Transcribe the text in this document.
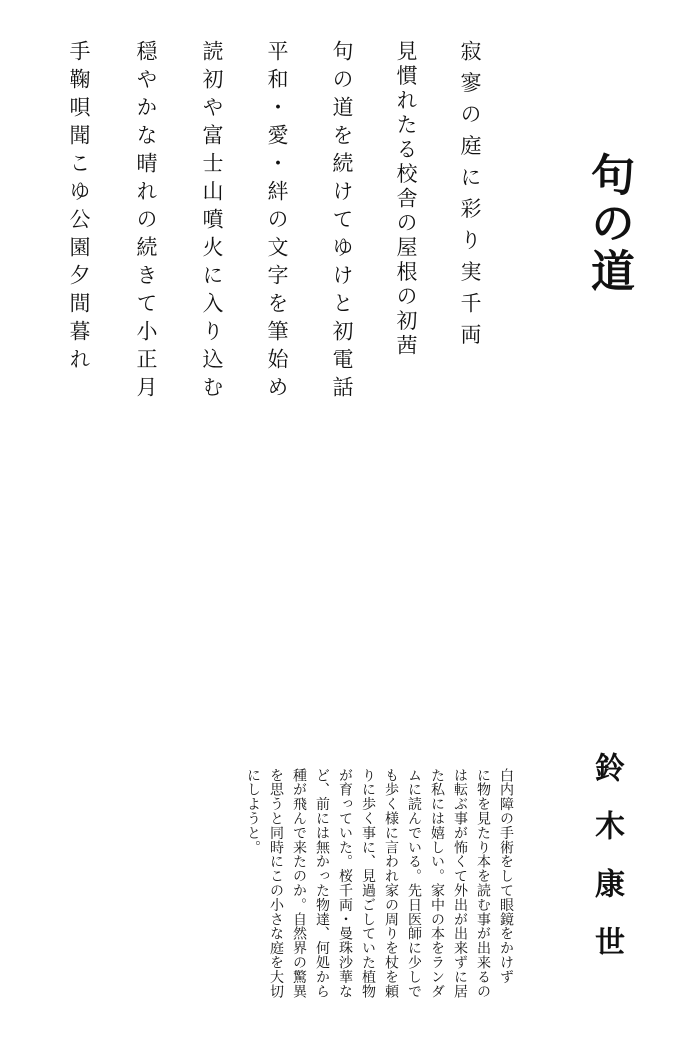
句の道
寂寥の庭に彩り実千両
見慣れたる校舎の屋根の初茜
句の道を続けてゆけと初電話
平和・愛・絆の文字を筆始め
読初や富士山噴火に入り込む
穏やかな晴れの続きて小正月
手鞠唄聞こゆ公園夕間暮れ
鈴木康世
白内障の手術をして眼鏡をかけず
に物を見たり本を読む事が出来るの
は転ぶ事が怖くて外出が出来ずに居
た私には嬉しい。家中の本をランダ
ムに読んでいる。先日医師に少しで
も歩く様に言われ家の周りを杖を頼
りに歩く事に、見過ごしていた植物
が育っていた。桜千両・曼珠沙華な
ど、前には無かった物達、何処から
種が飛んで来たのか。自然界の驚異
を思うと同時にこの小さな庭を大切
にしようと。
